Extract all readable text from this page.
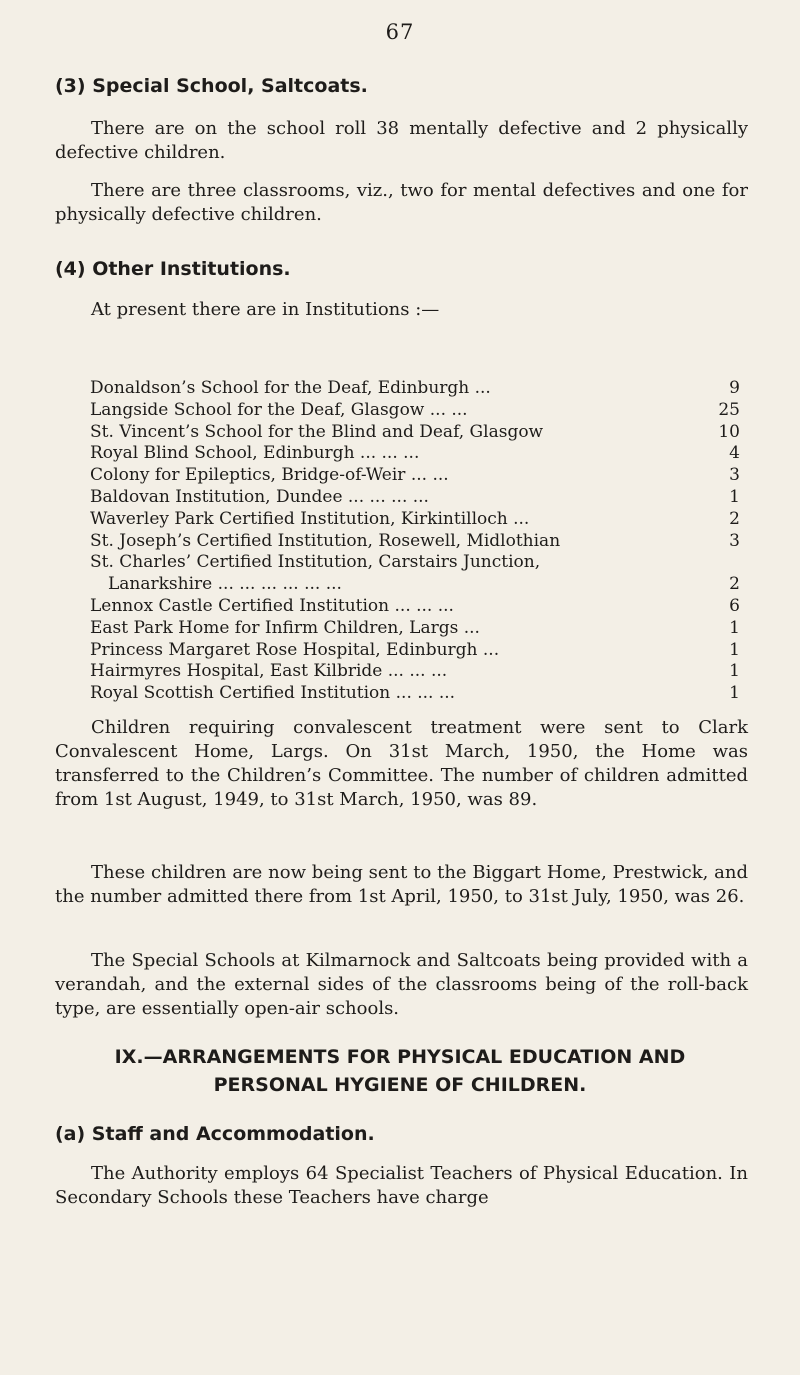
67
(3) Special School, Saltcoats.
There are on the school roll 38 mentally defective and 2 physically defective children.
There are three classrooms, viz., two for mental defectives and one for physically defective children.
(4) Other Institutions.
At present there are in Institutions :—
Donaldson’s School for the Deaf, Edinburgh ...	9
Langside School for the Deaf, Glasgow ... ...	25
St. Vincent’s School for the Blind and Deaf, Glasgow	10
Royal Blind School, Edinburgh ... ... ...	4
Colony for Epileptics, Bridge-of-Weir ... ...	3
Baldovan Institution, Dundee ... ... ... ...	1
Waverley Park Certified Institution, Kirkintilloch ...	2
St. Joseph’s Certified Institution, Rosewell, Midlothian	3
St. Charles’ Certified Institution, Carstairs Junction,
Lanarkshire ... ... ... ... ... ...	2
Lennox Castle Certified Institution ... ... ...	6
East Park Home for Infirm Children, Largs ...	1
Princess Margaret Rose Hospital, Edinburgh ...	1
Hairmyres Hospital, East Kilbride ... ... ...	1
Royal Scottish Certified Institution ... ... ...	1
Children requiring convalescent treatment were sent to Clark Convalescent Home, Largs. On 31st March, 1950, the Home was transferred to the Children’s Committee. The number of children admitted from 1st August, 1949, to 31st March, 1950, was 89.
These children are now being sent to the Biggart Home, Prestwick, and the number admitted there from 1st April, 1950, to 31st July, 1950, was 26.
The Special Schools at Kilmarnock and Saltcoats being provided with a verandah, and the external sides of the classrooms being of the roll-back type, are essentially open-air schools.
IX.—ARRANGEMENTS FOR PHYSICAL EDUCATION AND
PERSONAL HYGIENE OF CHILDREN.
(a) Staff and Accommodation.
The Authority employs 64 Specialist Teachers of Physical Education. In Secondary Schools these Teachers have charge
